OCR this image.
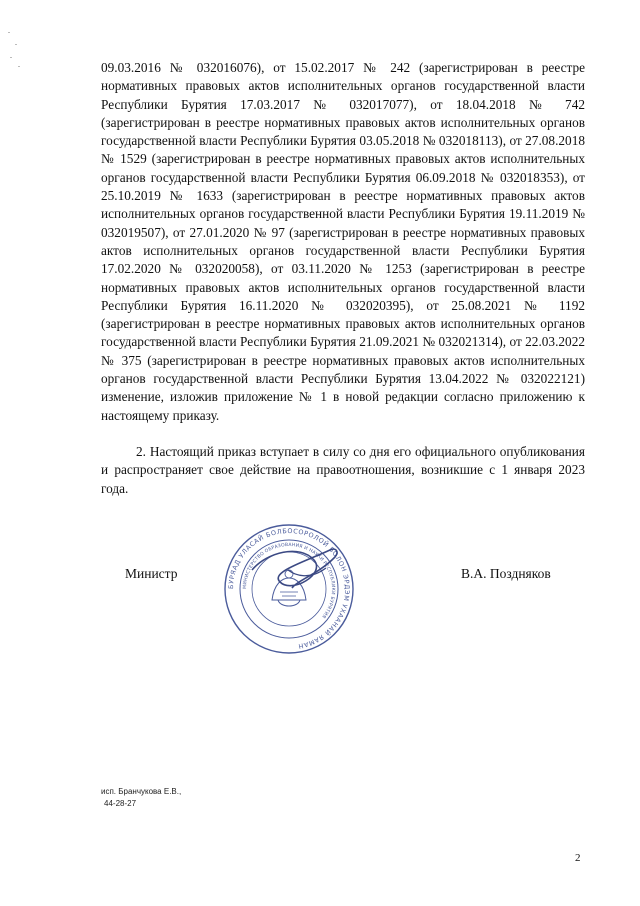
09.03.2016 № 032016076), от 15.02.2017 № 242 (зарегистрирован в реестре нормативных правовых актов исполнительных органов государственной власти Республики Бурятия 17.03.2017 № 032017077), от 18.04.2018 № 742 (зарегистрирован в реестре нормативных правовых актов исполнительных органов государственной власти Республики Бурятия 03.05.2018 № 032018113), от 27.08.2018 № 1529 (зарегистрирован в реестре нормативных правовых актов исполнительных органов государственной власти Республики Бурятия 06.09.2018 № 032018353), от 25.10.2019 № 1633 (зарегистрирован в реестре нормативных правовых актов исполнительных органов государственной власти Республики Бурятия 19.11.2019 № 032019507), от 27.01.2020 № 97 (зарегистрирован в реестре нормативных правовых актов исполнительных органов государственной власти Республики Бурятия 17.02.2020 № 032020058), от 03.11.2020 № 1253 (зарегистрирован в реестре нормативных правовых актов исполнительных органов государственной власти Республики Бурятия 16.11.2020 № 032020395), от 25.08.2021 № 1192 (зарегистрирован в реестре нормативных правовых актов исполнительных органов государственной власти Республики Бурятия 21.09.2021 № 032021314), от 22.03.2022 № 375 (зарегистрирован в реестре нормативных правовых актов исполнительных органов государственной власти Республики Бурятия 13.04.2022 № 032022121) изменение, изложив приложение № 1 в новой редакции согласно приложению к настоящему приказу.

2. Настоящий приказ вступает в силу со дня его официального опубликования и распространяет свое действие на правоотношения, возникшие с 1 января 2023 года.

Министр	В.А. Поздняков
БУРЯАД УЛАСАЙ БОЛБОСОРОЛОЙ БОЛОН ЭРДЭМ УХААНАЙ ЯАМАН
МИНИСТЕРСТВО ОБРАЗОВАНИЯ И НАУКИ РЕСПУБЛИКИ БУРЯТИЯ
исп. Бранчукова Е.В.,
44-28-27
2
